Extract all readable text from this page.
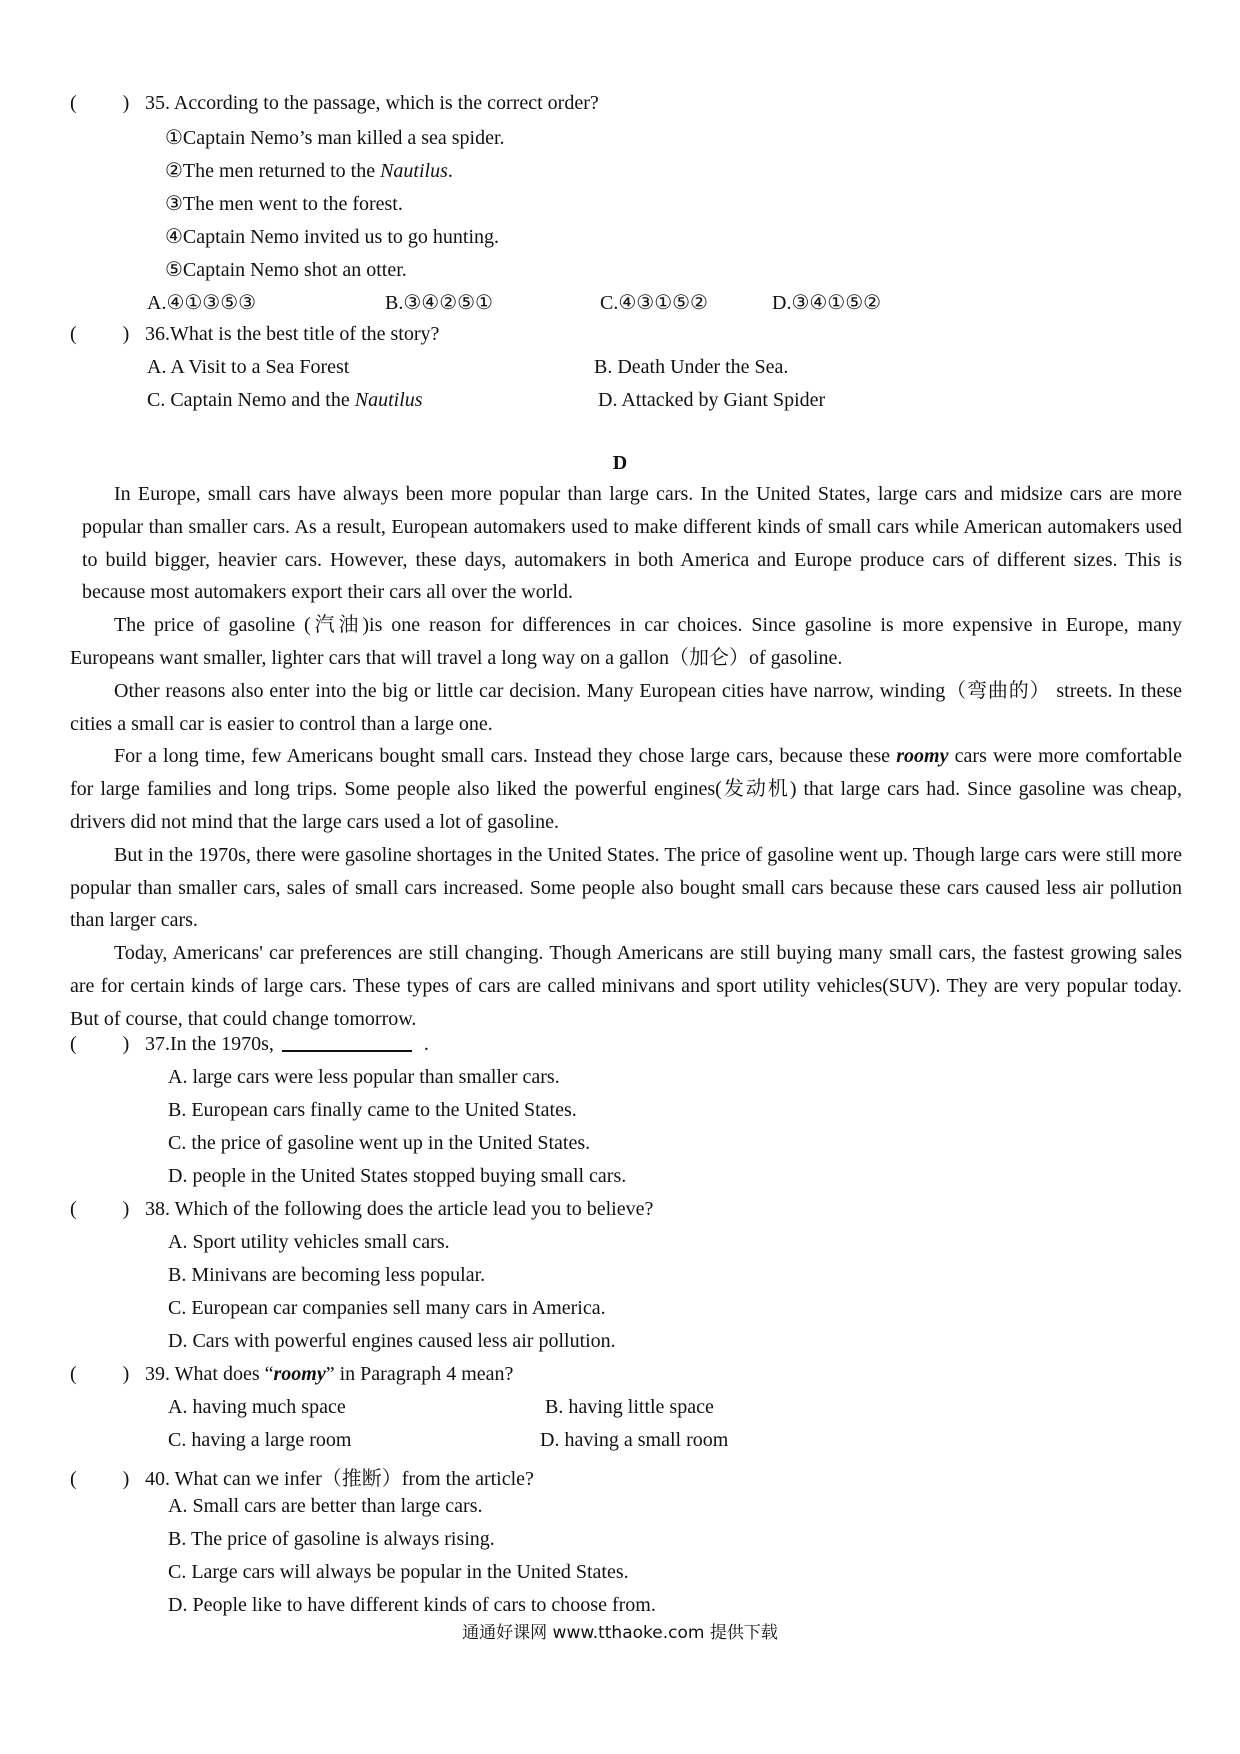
( ) 35. According to the passage, which is the correct order?
①Captain Nemo’s man killed a sea spider.
②The men returned to the Nautilus.
③The men went to the forest.
④Captain Nemo invited us to go hunting.
⑤Captain Nemo shot an otter.
A.④①③⑤③	B.③④②⑤①	C.④③①⑤②	D.③④①⑤②
( ) 36.What is the best title of the story?
A. A Visit to a Sea Forest	B. Death Under the Sea.
C. Captain Nemo and the Nautilus	D. Attacked by Giant Spider
D

In Europe, small cars have always been more popular than large cars. In the United States, large cars and midsize cars are more popular than smaller cars. As a result, European automakers used to make different kinds of small cars while American automakers used to build bigger, heavier cars. However, these days, automakers in both America and Europe produce cars of different sizes. This is because most automakers export their cars all over the world.

The price of gasoline (汽油)is one reason for differences in car choices. Since gasoline is more expensive in Europe, many Europeans want smaller, lighter cars that will travel a long way on a gallon（加仑）of gasoline.

Other reasons also enter into the big or little car decision. Many European cities have narrow, winding（弯曲的） streets. In these cities a small car is easier to control than a large one.

For a long time, few Americans bought small cars. Instead they chose large cars, because these roomy cars were more comfortable for large families and long trips. Some people also liked the powerful engines(发动机) that large cars had. Since gasoline was cheap, drivers did not mind that the large cars used a lot of gasoline.

But in the 1970s, there were gasoline shortages in the United States. The price of gasoline went up. Though large cars were still more popular than smaller cars, sales of small cars increased. Some people also bought small cars because these cars caused less air pollution than larger cars.

Today, Americans' car preferences are still changing. Though Americans are still buying many small cars, the fastest growing sales are for certain kinds of large cars. These types of cars are called minivans and sport utility vehicles(SUV). They are very popular today. But of course, that could change tomorrow.

( ) 37.In the 1970s,	.
A. large cars were less popular than smaller cars.
B. European cars finally came to the United States.
C. the price of gasoline went up in the United States.
D. people in the United States stopped buying small cars.
( ) 38. Which of the following does the article lead you to believe?
A. Sport utility vehicles small cars.
B. Minivans are becoming less popular.
C. European car companies sell many cars in America.
D. Cars with powerful engines caused less air pollution.
( ) 39. What does “roomy” in Paragraph 4 mean?
A. having much space	B. having little space
C. having a large room	D. having a small room
( ) 40. What can we infer（推断）from the article?
A. Small cars are better than large cars.
B. The price of gasoline is always rising.
C. Large cars will always be popular in the United States.
D. People like to have different kinds of cars to choose from.
通通好课网 www.tthaoke.com 提供下载
